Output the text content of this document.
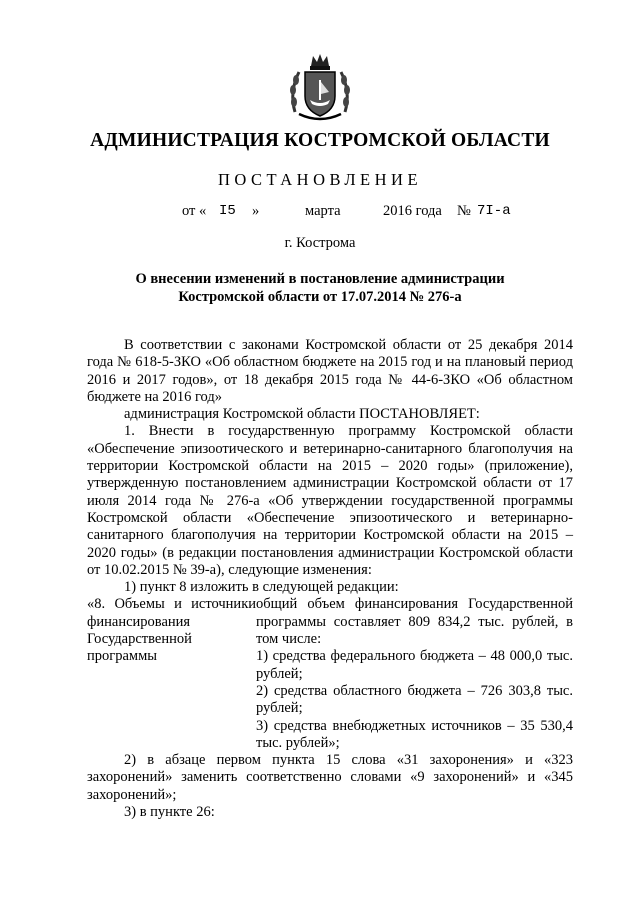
АДМИНИСТРАЦИЯ КОСТРОМСКОЙ ОБЛАСТИ
ПОСТАНОВЛЕНИЕ
от « I5 »	марта	2016 года № 7I-а
г. Кострома
О внесении изменений в постановление администрации
Костромской области от 17.07.2014 № 276-а

В соответствии с законами Костромской области от 25 декабря 2014 года № 618-5-ЗКО «Об областном бюджете на 2015 год и на плановый период 2016 и 2017 годов», от 18 декабря 2015 года № 44-6-ЗКО «Об областном бюджете на 2016 год»

администрация Костромской области ПОСТАНОВЛЯЕТ:

1. Внести в государственную программу Костромской области «Обеспечение эпизоотического и ветеринарно-санитарного благополучия на территории Костромской области на 2015 – 2020 годы» (приложение), утвержденную постановлением администрации Костромской области от 17 июля 2014 года № 276-а «Об утверждении государственной программы Костромской области «Обеспечение эпизоотического и ветеринарно-санитарного благополучия на территории Костромской области на 2015 – 2020 годы» (в редакции постановления администрации Костромской области от 10.02.2015 № 39-а), следующие изменения:

1) пункт 8 изложить в следующей редакции:

«8. Объемы и источники финансирования Государственной программы

общий объем финансирования Государственной программы составляет 809 834,2 тыс. рублей, в том числе:

1) средства федерального бюджета – 48 000,0 тыс. рублей;

2) средства областного бюджета – 726 303,8 тыс. рублей;

3) средства внебюджетных источников – 35 530,4 тыс. рублей»;

2) в абзаце первом пункта 15 слова «31 захоронения» и «323 захоронений» заменить соответственно словами «9 захоронений» и «345 захоронений»;

3) в пункте 26:
